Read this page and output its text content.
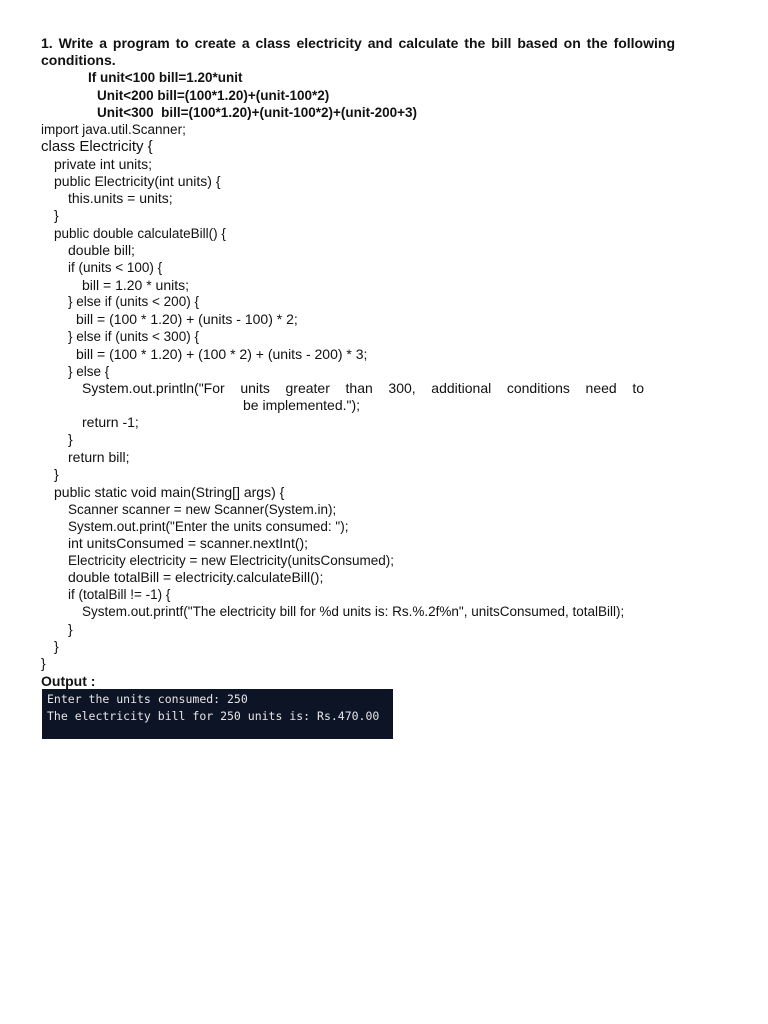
1. Write a program to create a class electricity and calculate the bill based on the following conditions.
If unit<100 bill=1.20*unit
Unit<200 bill=(100*1.20)+(unit-100*2)
Unit<300  bill=(100*1.20)+(unit-100*2)+(unit-200+3)
import java.util.Scanner;
class Electricity {
private int units;
public Electricity(int units) {
this.units = units;
}
public double calculateBill() {
double bill;
if (units < 100) {
bill = 1.20 * units;
} else if (units < 200) {
bill = (100 * 1.20) + (units - 100) * 2;
} else if (units < 300) {
bill = (100 * 1.20) + (100 * 2) + (units - 200) * 3;
} else {
System.out.println("For units greater than 300, additional conditions need to
be implemented.");
return -1;
}
return bill;
}
public static void main(String[] args) {
Scanner scanner = new Scanner(System.in);
System.out.print("Enter the units consumed: ");
int unitsConsumed = scanner.nextInt();
Electricity electricity = new Electricity(unitsConsumed);
double totalBill = electricity.calculateBill();
if (totalBill != -1) {
System.out.printf("The electricity bill for %d units is: Rs.%.2f%n", unitsConsumed, totalBill);
}
}
}
Output :
Enter the units consumed: 250
The electricity bill for 250 units is: Rs.470.00
